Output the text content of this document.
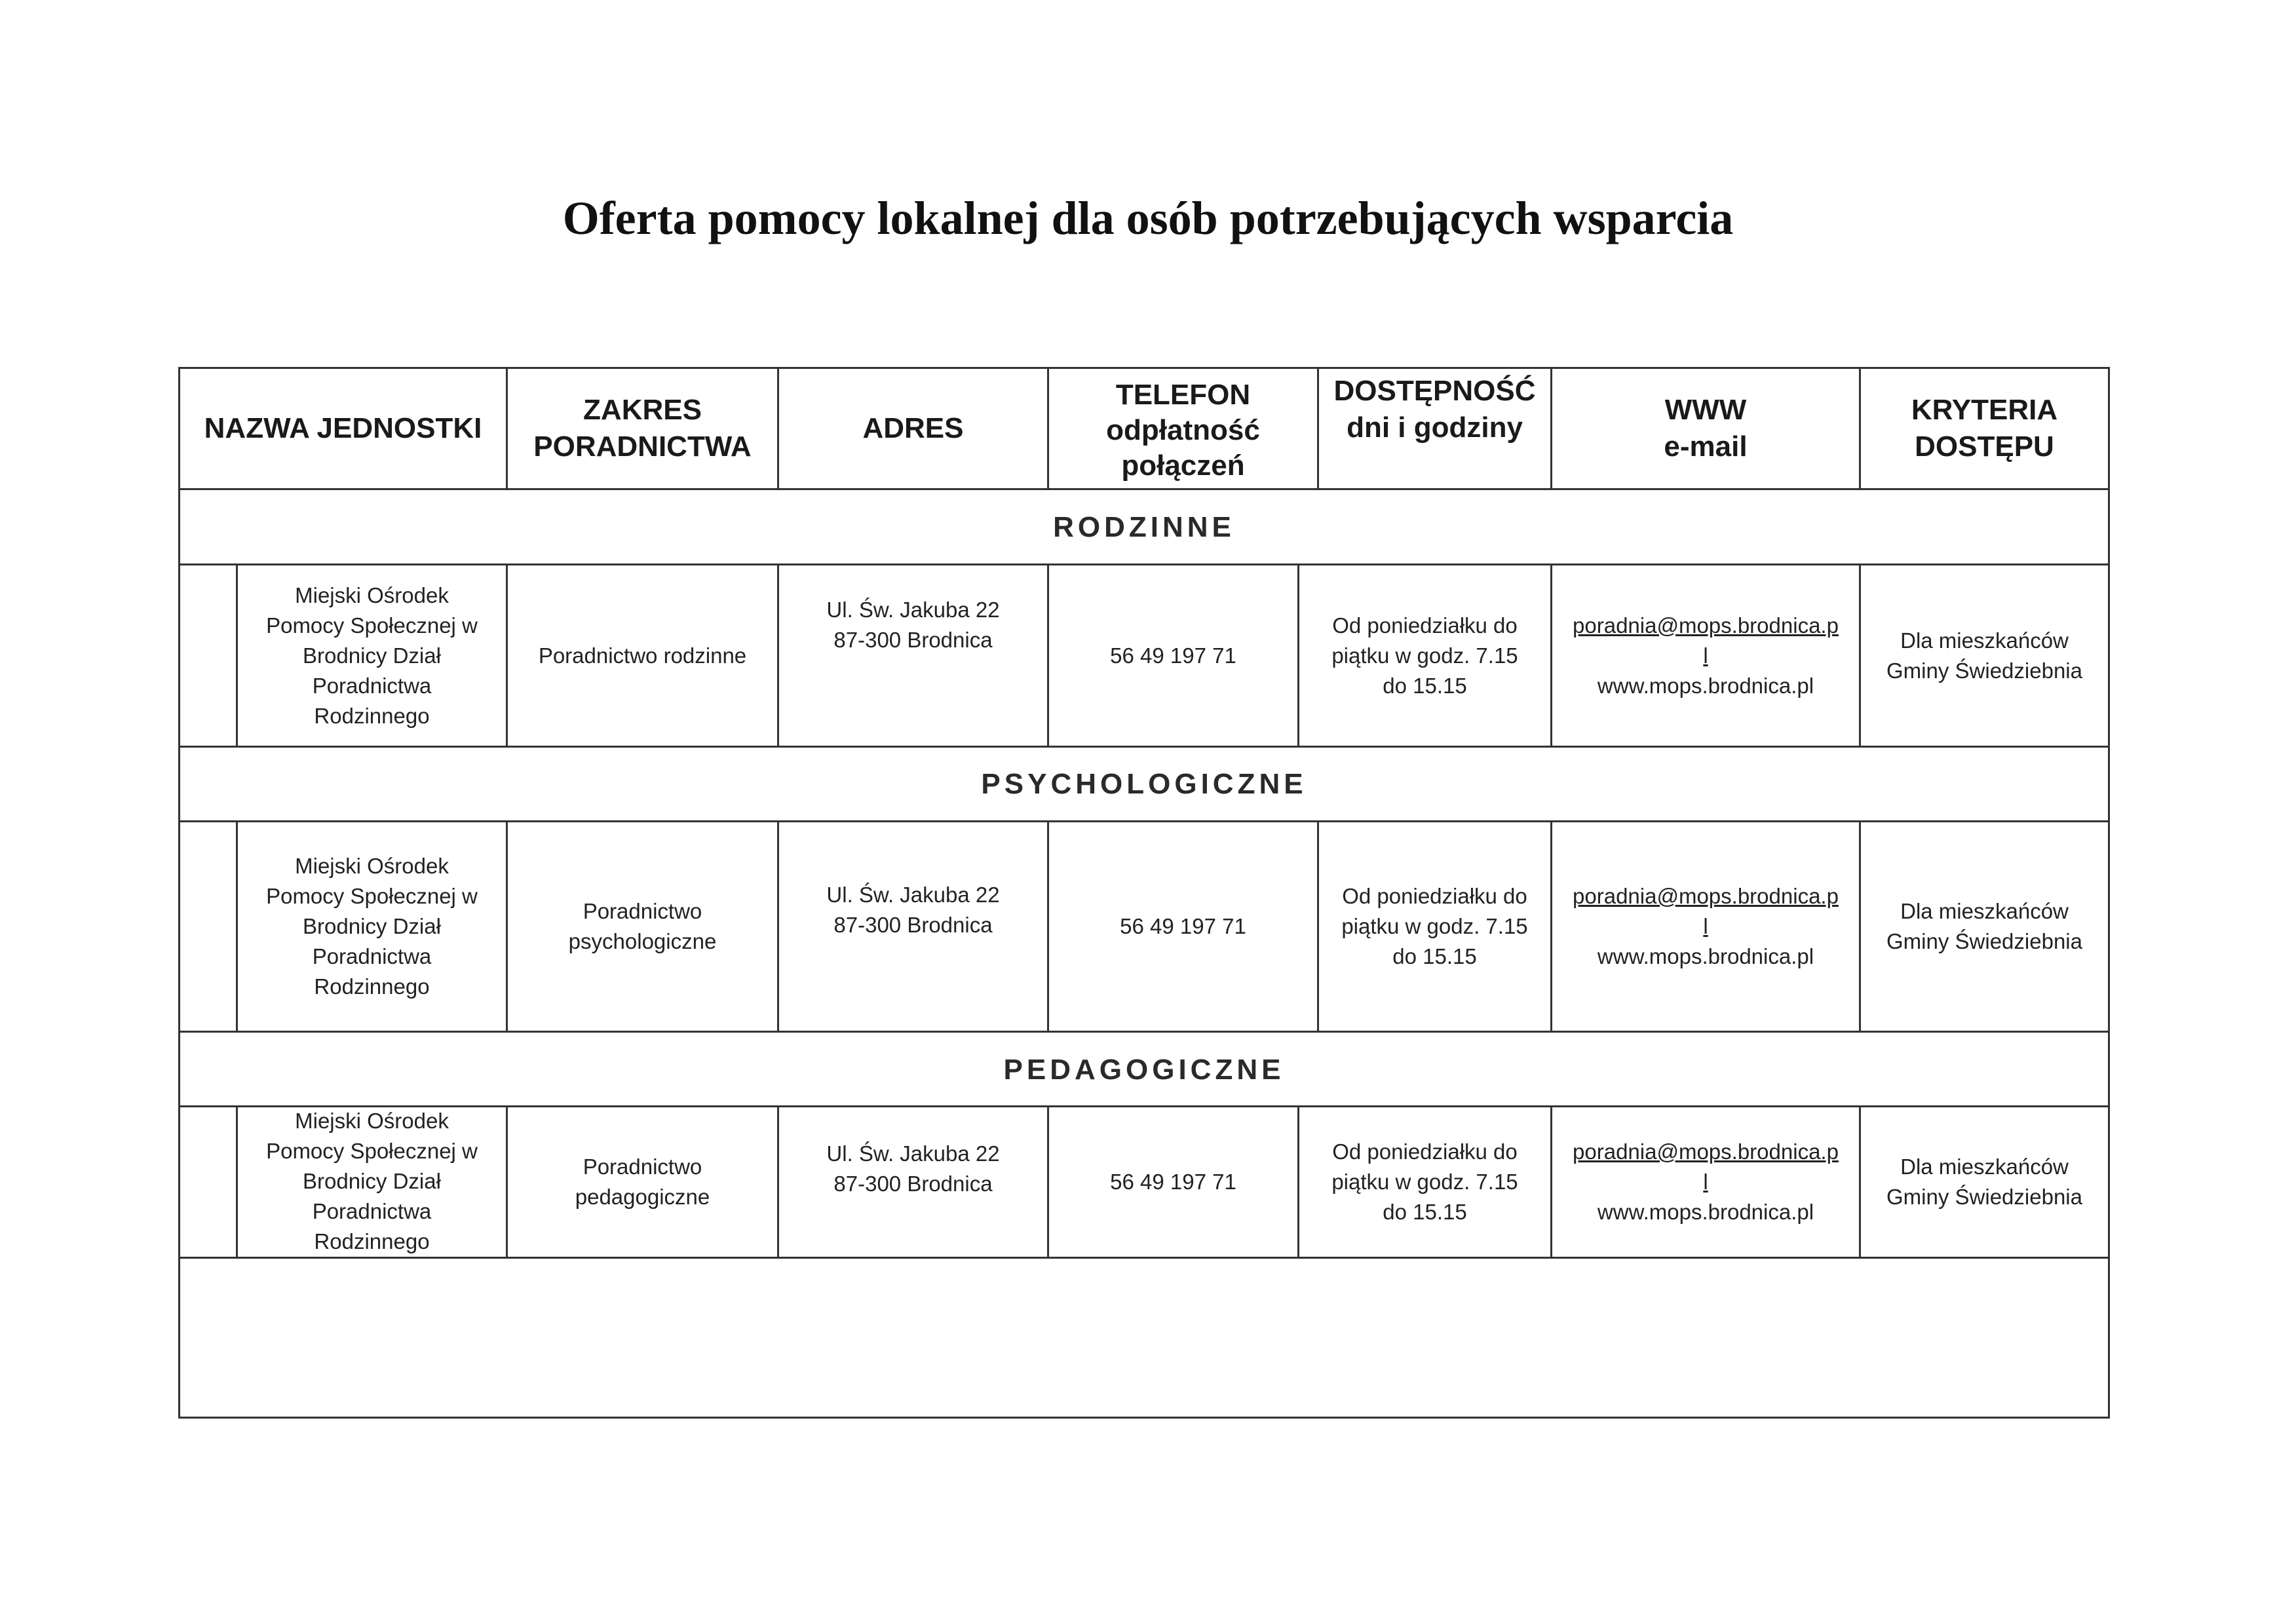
Oferta pomocy lokalnej dla osób potrzebujących wsparcia
NAZWA JEDNOSTKI
ZAKRES
PORADNICTWA
ADRES
TELEFON
odpłatność
połączeń
DOSTĘPNOŚĆ
dni i godziny
WWW
e-mail
KRYTERIA
DOSTĘPU
RODZINNE
PSYCHOLOGICZNE
PEDAGOGICZNE
Miejski Ośrodek
Pomocy Społecznej w
Brodnicy Dział
Poradnictwa
Rodzinnego
Poradnictwo rodzinne
Ul. Św. Jakuba 22
87-300 Brodnica
56 49 197 71
Od poniedziałku do
piątku w godz. 7.15
do 15.15
poradnia@mops.brodnica.p
l
www.mops.brodnica.pl
Dla mieszkańców
Gminy Świedziebnia
Miejski Ośrodek
Pomocy Społecznej w
Brodnicy Dział
Poradnictwa
Rodzinnego
Poradnictwo
psychologiczne
Ul. Św. Jakuba 22
87-300 Brodnica	56 49 197 71
Od poniedziałku do
piątku w godz. 7.15
do 15.15
poradnia@mops.brodnica.p
l
www.mops.brodnica.pl
Dla mieszkańców
Gminy Świedziebnia
Miejski Ośrodek
Pomocy Społecznej w
Brodnicy Dział
Poradnictwa
Rodzinnego
Poradnictwo
pedagogiczne
Ul. Św. Jakuba 22
87-300 Brodnica	56 49 197 71
Od poniedziałku do
piątku w godz. 7.15
do 15.15
poradnia@mops.brodnica.p
l
www.mops.brodnica.pl
Dla mieszkańców
Gminy Świedziebnia
